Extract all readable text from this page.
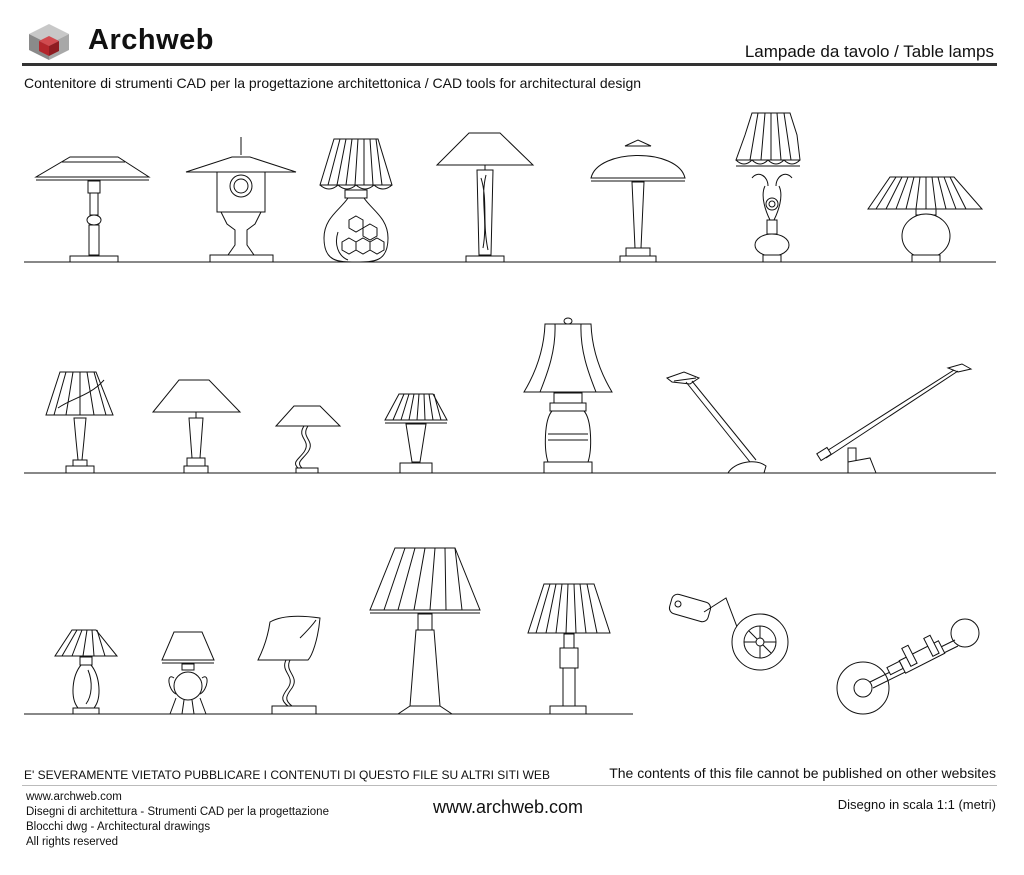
Archweb	Lampade da tavolo / Table lamps
Contenitore di strumenti CAD per la progettazione architettonica / CAD tools for architectural design
E' SEVERAMENTE VIETATO PUBBLICARE I CONTENUTI DI QUESTO FILE SU ALTRI SITI WEB	The contents of this file cannot be published on other websites
www.archweb.com
Disegni di architettura - Strumenti CAD per la progettazione
Blocchi dwg - Architectural drawings
All rights reserved
www.archweb.com	Disegno in scala 1:1 (metri)
